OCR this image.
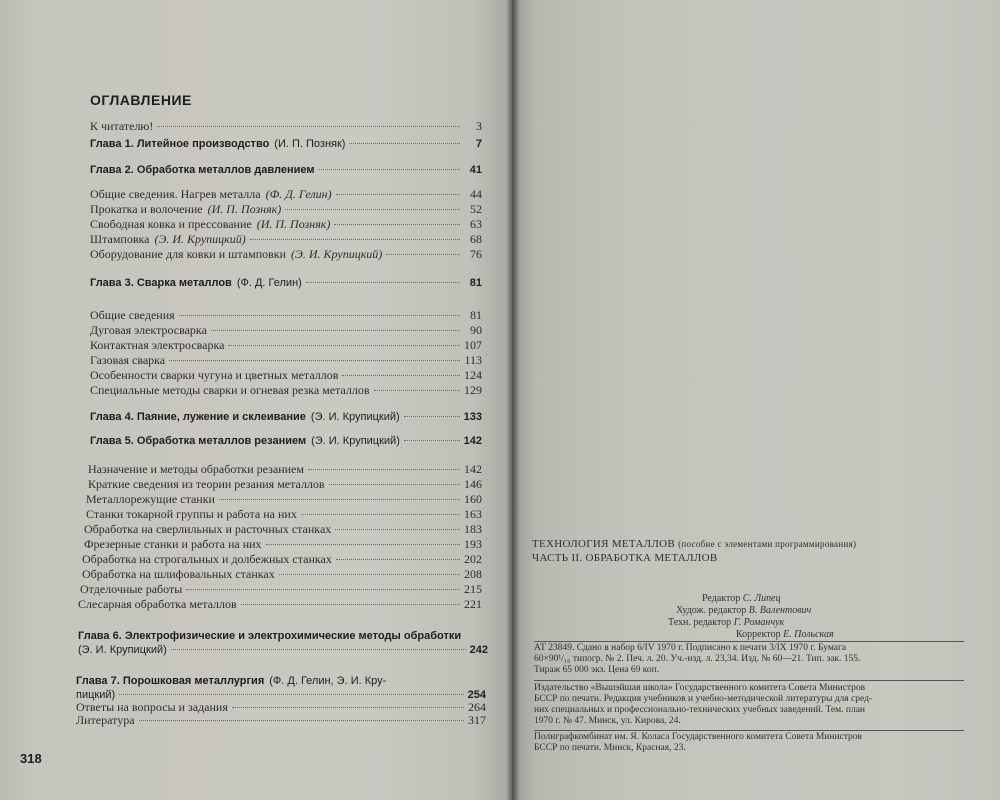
ОГЛАВЛЕНИЕ
К читателю!	3
Глава 1. Литейное производство (И. П. Позняк)	7
Глава 2. Обработка металлов давлением	41
Общие сведения. Нагрев металла (Ф. Д. Гелин)	44
Прокатка и волочение (И. П. Позняк)	52
Свободная ковка и прессование (И. П. Позняк)	63
Штамповка (Э. И. Крупицкий)	68
Оборудование для ковки и штамповки (Э. И. Крупицкий)	76
Глава 3. Сварка металлов (Ф. Д. Гелин)	81
Общие сведения	81
Дуговая электросварка	90
Контактная электросварка	107
Газовая сварка	113
Особенности сварки чугуна и цветных металлов	124
Специальные методы сварки и огневая резка металлов	129
Глава 4. Паяние, лужение и склеивание (Э. И. Крупицкий)	133
Глава 5. Обработка металлов резанием (Э. И. Крупицкий)	142
Назначение и методы обработки резанием	142
Краткие сведения из теории резания металлов	146
Металлорежущие станки	160
Станки токарной группы и работа на них	163
Обработка на сверлильных и расточных станках	183
Фрезерные станки и работа на них	193
Обработка на строгальных и долбежных станках	202
Обработка на шлифовальных станках	208
Отделочные работы	215
Слесарная обработка металлов	221
Глава 6. Электрофизические и электрохимические методы обработки
(Э. И. Крупицкий)	242
Глава 7. Порошковая металлургия (Ф. Д. Гелин, Э. И. Кру-
пицкий)	254
Ответы на вопросы и задания	264
Литература	317
318
ТЕХНОЛОГИЯ МЕТАЛЛОВ (пособие с элементами программирования)
ЧАСТЬ II. ОБРАБОТКА МЕТАЛЛОВ
Редактор С. Липец
Худож. редактор В. Валентович
Техн. редактор Г. Романчук
Корректор Е. Польская
АТ 23849. Сдано в набор 6/IV 1970 г. Подписано к печати 3/IX 1970 г. Бумага
60×90¹/₁₆ типогр. № 2. Печ. л. 20. Уч.-изд. л. 23,34. Изд. № 60—21. Тип. зак. 155.
Тираж 65 000 экз. Цена 69 коп.
Издательство «Вышэйшая школа» Государственного комитета Совета Министров
БССР по печати. Редакция учебников и учебно-методической литературы для сред-
них специальных и профессионально-технических учебных заведений. Тем. план
1970 г. № 47. Минск, ул. Кирова, 24.
Полиграфкомбинат им. Я. Коласа Государственного комитета Совета Министров
БССР по печати. Минск, Красная, 23.
